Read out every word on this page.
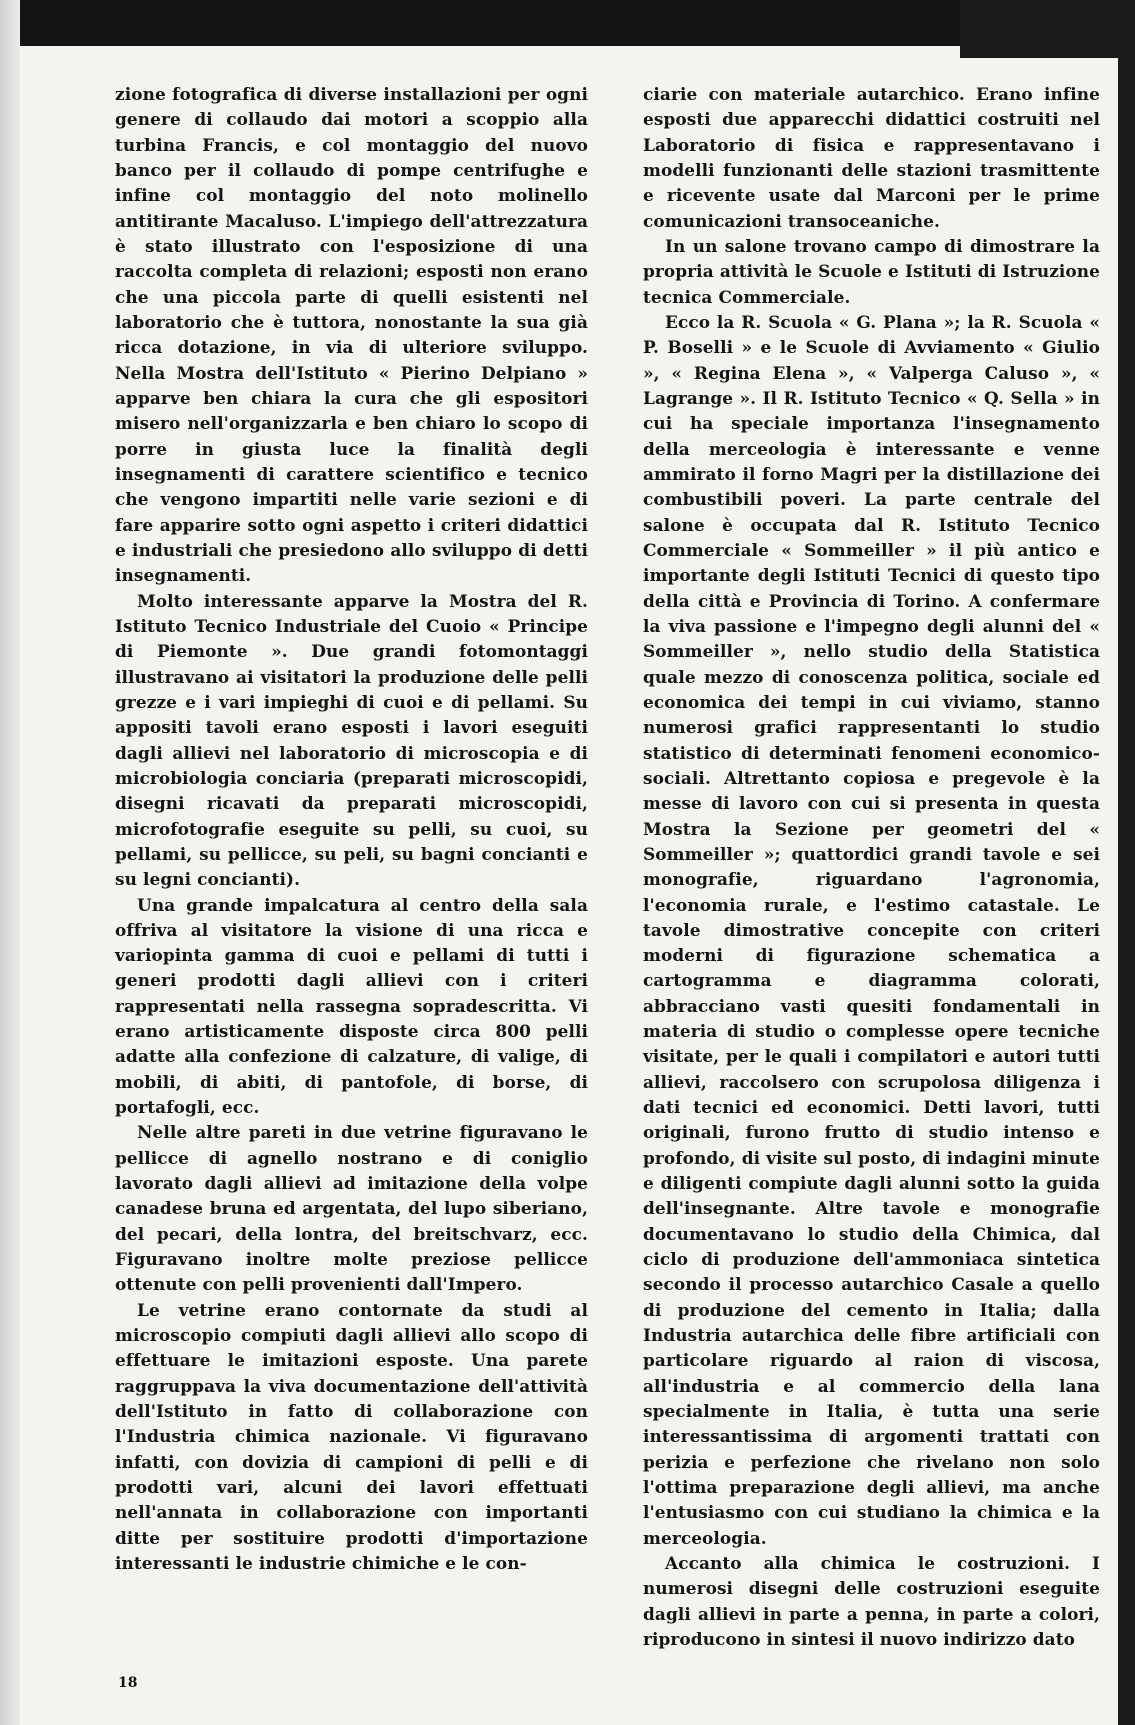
zione fotografica di diverse installazioni per ogni genere di collaudo dai motori a scoppio alla turbina Francis, e col montaggio del nuovo banco per il collaudo di pompe centrifughe e infine col montaggio del noto molinello antitirante Macaluso. L'impiego dell'attrezzatura è stato illustrato con l'esposizione di una raccolta completa di relazioni; esposti non erano che una piccola parte di quelli esistenti nel laboratorio che è tuttora, nonostante la sua già ricca dotazione, in via di ulteriore sviluppo. Nella Mostra dell'Istituto « Pierino Delpiano » apparve ben chiara la cura che gli espositori misero nell'organizzarla e ben chiaro lo scopo di porre in giusta luce la finalità degli insegnamenti di carattere scientifico e tecnico che vengono impartiti nelle varie sezioni e di fare apparire sotto ogni aspetto i criteri didattici e industriali che presiedono allo sviluppo di detti insegnamenti.

Molto interessante apparve la Mostra del R. Istituto Tecnico Industriale del Cuoio « Principe di Piemonte ». Due grandi fotomontaggi illustravano ai visitatori la produzione delle pelli grezze e i vari impieghi di cuoi e di pellami. Su appositi tavoli erano esposti i lavori eseguiti dagli allievi nel laboratorio di microscopia e di microbiologia conciaria (preparati microscopidi, disegni ricavati da preparati microscopidi, microfotografie eseguite su pelli, su cuoi, su pellami, su pellicce, su peli, su bagni concianti e su legni concianti).

Una grande impalcatura al centro della sala offriva al visitatore la visione di una ricca e variopinta gamma di cuoi e pellami di tutti i generi prodotti dagli allievi con i criteri rappresentati nella rassegna sopradescritta. Vi erano artisticamente disposte circa 800 pelli adatte alla confezione di calzature, di valige, di mobili, di abiti, di pantofole, di borse, di portafogli, ecc.

Nelle altre pareti in due vetrine figuravano le pellicce di agnello nostrano e di coniglio lavorato dagli allievi ad imitazione della volpe canadese bruna ed argentata, del lupo siberiano, del pecari, della lontra, del breitschvarz, ecc. Figuravano inoltre molte preziose pellicce ottenute con pelli provenienti dall'Impero.

Le vetrine erano contornate da studi al microscopio compiuti dagli allievi allo scopo di effettuare le imitazioni esposte. Una parete raggruppava la viva documentazione dell'attività dell'Istituto in fatto di collaborazione con l'Industria chimica nazionale. Vi figuravano infatti, con dovizia di campioni di pelli e di prodotti vari, alcuni dei lavori effettuati nell'annata in collaborazione con importanti ditte per sostituire prodotti d'importazione interessanti le industrie chimiche e le con-

ciarie con materiale autarchico. Erano infine esposti due apparecchi didattici costruiti nel Laboratorio di fisica e rappresentavano i modelli funzionanti delle stazioni trasmittente e ricevente usate dal Marconi per le prime comunicazioni transoceaniche.

In un salone trovano campo di dimostrare la propria attività le Scuole e Istituti di Istruzione tecnica Commerciale.

Ecco la R. Scuola « G. Plana »; la R. Scuola « P. Boselli » e le Scuole di Avviamento « Giulio », « Regina Elena », « Valperga Caluso », « Lagrange ». Il R. Istituto Tecnico « Q. Sella » in cui ha speciale importanza l'insegnamento della merceologia è interessante e venne ammirato il forno Magri per la distillazione dei combustibili poveri. La parte centrale del salone è occupata dal R. Istituto Tecnico Commerciale « Sommeiller » il più antico e importante degli Istituti Tecnici di questo tipo della città e Provincia di Torino. A confermare la viva passione e l'impegno degli alunni del « Sommeiller », nello studio della Statistica quale mezzo di conoscenza politica, sociale ed economica dei tempi in cui viviamo, stanno numerosi grafici rappresentanti lo studio statistico di determinati fenomeni economico-sociali. Altrettanto copiosa e pregevole è la messe di lavoro con cui si presenta in questa Mostra la Sezione per geometri del « Sommeiller »; quattordici grandi tavole e sei monografie, riguardano l'agronomia, l'economia rurale, e l'estimo catastale. Le tavole dimostrative concepite con criteri moderni di figurazione schematica a cartogramma e diagramma colorati, abbracciano vasti quesiti fondamentali in materia di studio o complesse opere tecniche visitate, per le quali i compilatori e autori tutti allievi, raccolsero con scrupolosa diligenza i dati tecnici ed economici. Detti lavori, tutti originali, furono frutto di studio intenso e profondo, di visite sul posto, di indagini minute e diligenti compiute dagli alunni sotto la guida dell'insegnante. Altre tavole e monografie documentavano lo studio della Chimica, dal ciclo di produzione dell'ammoniaca sintetica secondo il processo autarchico Casale a quello di produzione del cemento in Italia; dalla Industria autarchica delle fibre artificiali con particolare riguardo al raion di viscosa, all'industria e al commercio della lana specialmente in Italia, è tutta una serie interessantissima di argomenti trattati con perizia e perfezione che rivelano non solo l'ottima preparazione degli allievi, ma anche l'entusiasmo con cui studiano la chimica e la merceologia.

Accanto alla chimica le costruzioni. I numerosi disegni delle costruzioni eseguite dagli allievi in parte a penna, in parte a colori, riproducono in sintesi il nuovo indirizzo dato

18
